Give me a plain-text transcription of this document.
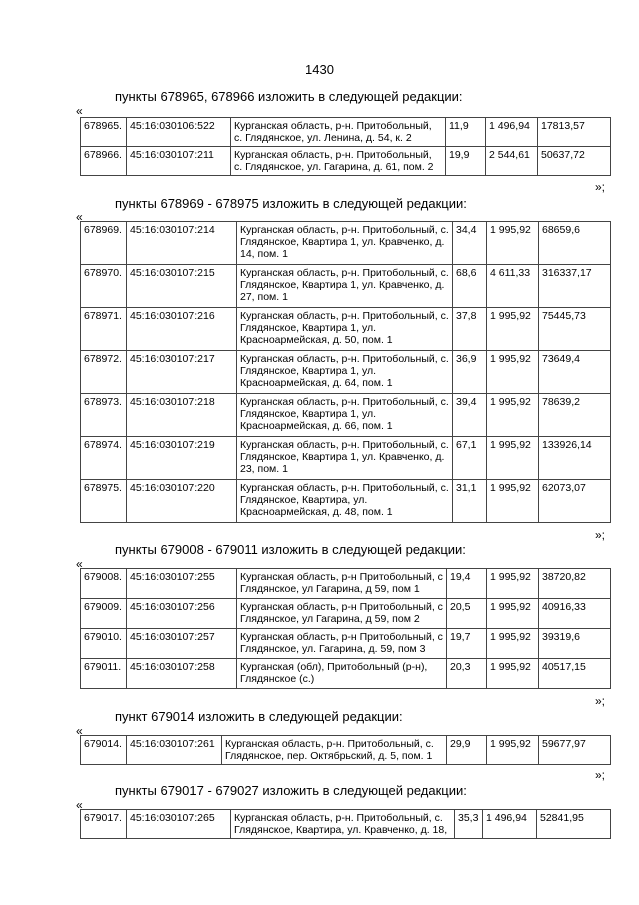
1430
пункты 678965, 678966 изложить в следующей редакции:
«
678965.	45:16:030106:522	Курганская область, р-н. Притобольный, с. Глядянское, ул. Ленина, д. 54, к. 2	11,9	1 496,94	17813,57
678966.	45:16:030107:211	Курганская область, р-н. Притобольный, с. Глядянское, ул. Гагарина, д. 61, пом. 2	19,9	2 544,61	50637,72
»;
пункты 678969 - 678975 изложить в следующей редакции:
«
678969.	45:16:030107:214	Курганская область, р-н. Притобольный, с. Глядянское, Квартира 1, ул. Кравченко, д. 14, пом. 1	34,4	1 995,92	68659,6
678970.	45:16:030107:215	Курганская область, р-н. Притобольный, с. Глядянское, Квартира 1, ул. Кравченко, д. 27, пом. 1	68,6	4 611,33	316337,17
678971.	45:16:030107:216	Курганская область, р-н. Притобольный, с. Глядянское, Квартира 1, ул. Красноармейская, д. 50, пом. 1	37,8	1 995,92	75445,73
678972.	45:16:030107:217	Курганская область, р-н. Притобольный, с. Глядянское, Квартира 1, ул. Красноармейская, д. 64, пом. 1	36,9	1 995,92	73649,4
678973.	45:16:030107:218	Курганская область, р-н. Притобольный, с. Глядянское, Квартира 1, ул. Красноармейская, д. 66, пом. 1	39,4	1 995,92	78639,2
678974.	45:16:030107:219	Курганская область, р-н. Притобольный, с. Глядянское, Квартира 1, ул. Кравченко, д. 23, пом. 1	67,1	1 995,92	133926,14
678975.	45:16:030107:220	Курганская область, р-н. Притобольный, с. Глядянское, Квартира, ул. Красноармейская, д. 48, пом. 1	31,1	1 995,92	62073,07
»;
пункты 679008 - 679011 изложить в следующей редакции:
«
679008.	45:16:030107:255	Курганская область, р-н Притобольный, с Глядянское, ул Гагарина, д 59, пом 1	19,4	1 995,92	38720,82
679009.	45:16:030107:256	Курганская область, р-н Притобольный, с Глядянское, ул Гагарина, д 59, пом 2	20,5	1 995,92	40916,33
679010.	45:16:030107:257	Курганская область, р-н Притобольный, с Глядянское, ул. Гагарина, д. 59, пом 3	19,7	1 995,92	39319,6
679011.	45:16:030107:258	Курганская (обл), Притобольный (р-н), Глядянское (с.)	20,3	1 995,92	40517,15
»;
пункт 679014 изложить в следующей редакции:
«
679014.	45:16:030107:261	Курганская область, р-н. Притобольный, с. Глядянское, пер. Октябрьский, д. 5, пом. 1	29,9	1 995,92	59677,97
»;
пункты 679017 - 679027 изложить в следующей редакции:
«
679017.	45:16:030107:265	Курганская область, р-н. Притобольный, с. Глядянское, Квартира, ул. Кравченко, д. 18,	35,3	1 496,94	52841,95
